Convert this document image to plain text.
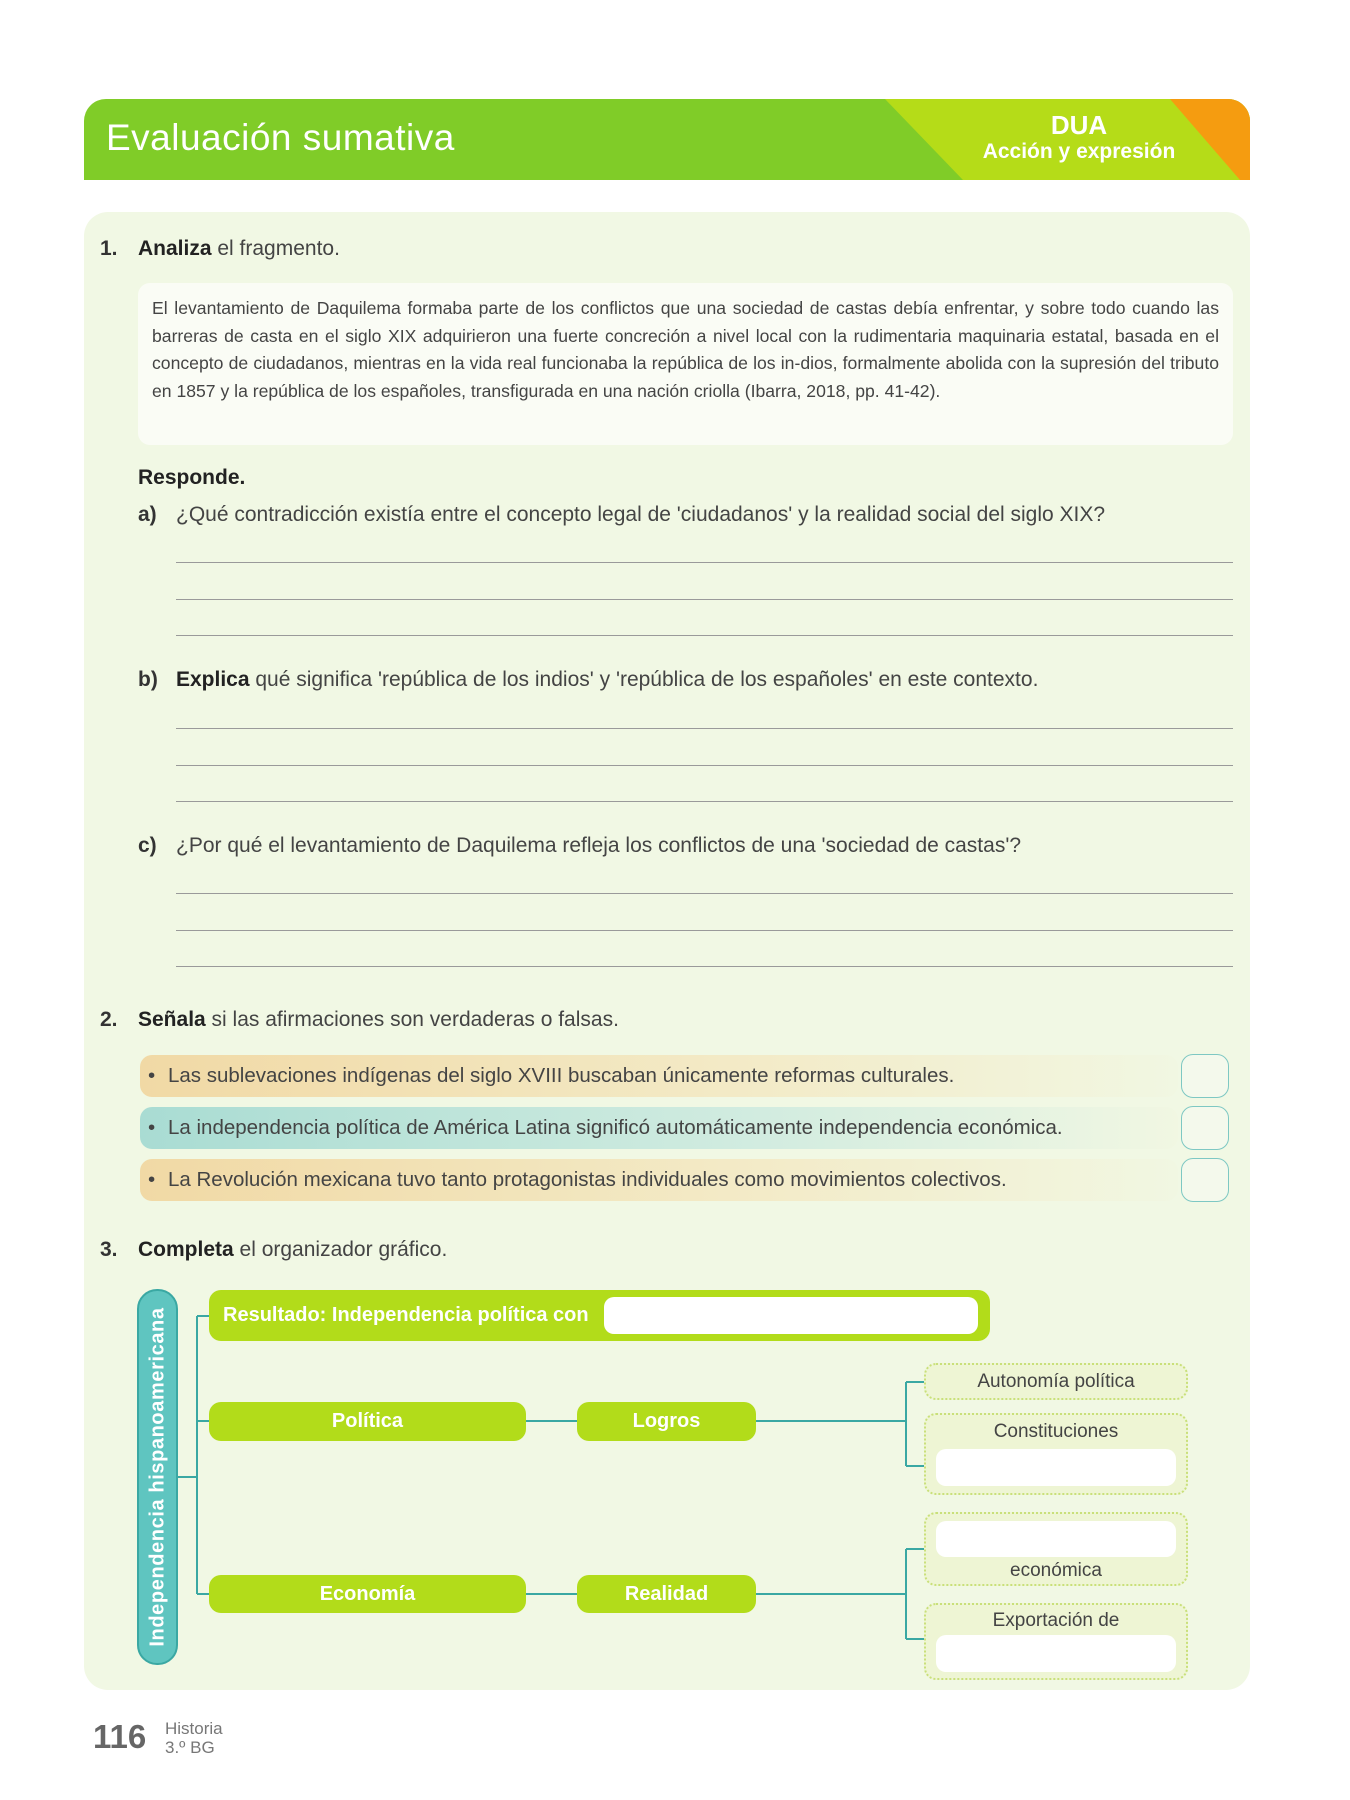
Evaluación sumativa	DUA
Acción y expresión
1. Analiza el fragmento.
El levantamiento de Daquilema formaba parte de los conflictos que una sociedad de castas debía enfrentar, y sobre todo cuando las barreras de casta en el siglo XIX adquirieron una fuerte concreción a nivel local con la rudimentaria maquinaria estatal, basada en el concepto de ciudadanos, mientras en la vida real funcionaba la república de los in-dios, formalmente abolida con la supresión del tributo en 1857 y la república de los españoles, transfigurada en una nación criolla (Ibarra, 2018, pp. 41-42).
Responde.
a) ¿Qué contradicción existía entre el concepto legal de 'ciudadanos' y la realidad social del siglo XIX?
b) Explica qué significa 'república de los indios' y 'república de los españoles' en este contexto.
c) ¿Por qué el levantamiento de Daquilema refleja los conflictos de una 'sociedad de castas'?
2. Señala si las afirmaciones son verdaderas o falsas.
• Las sublevaciones indígenas del siglo XVIII buscaban únicamente reformas culturales.
• La independencia política de América Latina significó automáticamente independencia económica.
• La Revolución mexicana tuvo tanto protagonistas individuales como movimientos colectivos.
3. Completa el organizador gráfico.
Independencia hispanoamericana	Resultado: Independencia política con
Política	Logros
Economía	Realidad
Autonomía política
Constituciones
económica
Exportación de
116 Historia
3.º BG
